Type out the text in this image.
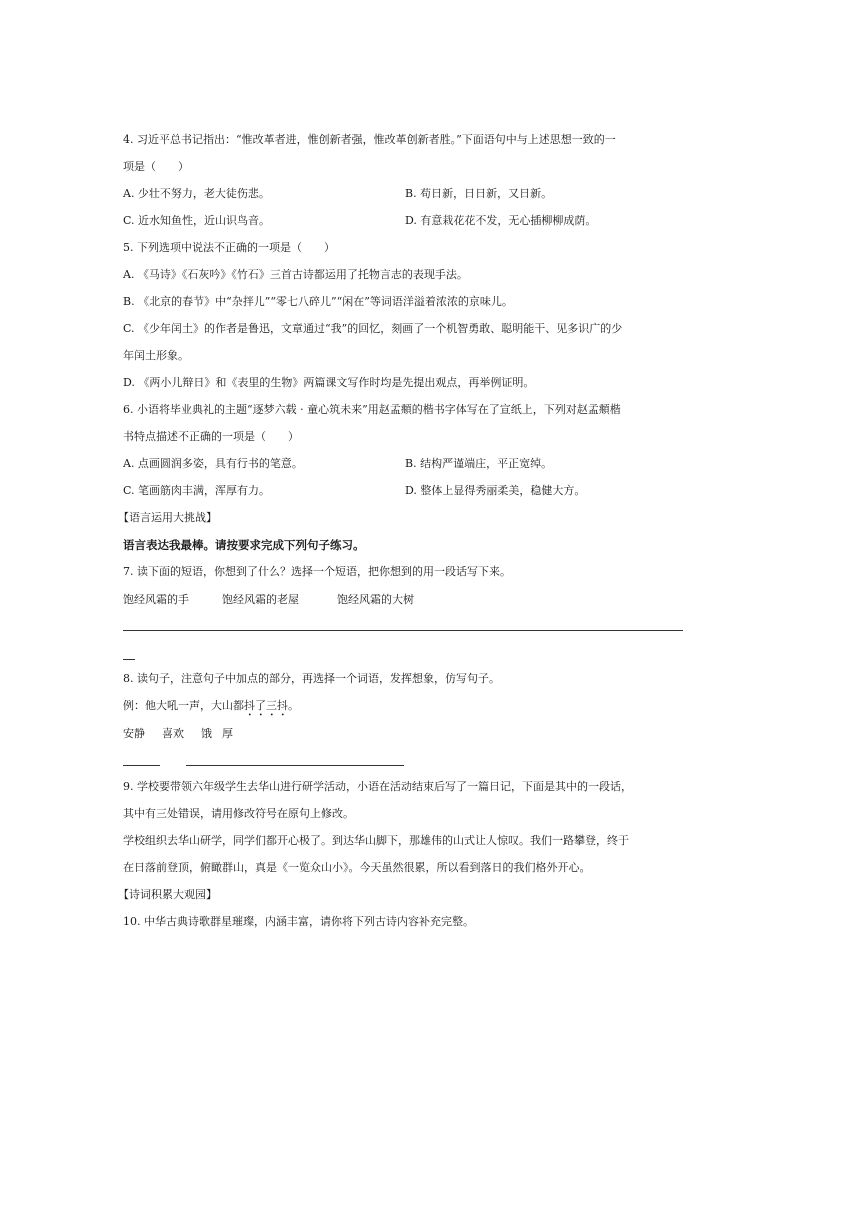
4. 习近平总书记指出：“惟改革者进，惟创新者强，惟改革创新者胜。”下面语句中与上述思想一致的一
项是（　　）
A. 少壮不努力，老大徒伤悲。	B. 苟日新，日日新，又日新。
C. 近水知鱼性，近山识鸟音。	D. 有意栽花花不发，无心插柳柳成荫。
5. 下列选项中说法不正确的一项是（　　）
A. 《马诗》《石灰吟》《竹石》三首古诗都运用了托物言志的表现手法。
B. 《北京的春节》中“杂拌儿”“零七八碎儿”“闲在”等词语洋溢着浓浓的京味儿。
C. 《少年闰土》的作者是鲁迅，文章通过“我”的回忆，刻画了一个机智勇敢、聪明能干、见多识广的少
年闰土形象。
D. 《两小儿辩日》和《表里的生物》两篇课文写作时均是先提出观点，再举例证明。
6. 小语将毕业典礼的主题“逐梦六载 · 童心筑未来”用赵孟頫的楷书字体写在了宣纸上，下列对赵孟頫楷
书特点描述不正确的一项是（　　）
A. 点画圆润多姿，具有行书的笔意。	B. 结构严谨端庄，平正宽绰。
C. 笔画筋肉丰满，浑厚有力。	D. 整体上显得秀丽柔美，稳健大方。
【语言运用大挑战】
语言表达我最棒。请按要求完成下列句子练习。
7. 读下面的短语，你想到了什么？选择一个短语，把你想到的用一段话写下来。
饱经风霜的手	饱经风霜的老屋	饱经风霜的大树
8. 读句子，注意句子中加点的部分，再选择一个词语，发挥想象，仿写句子。
例：他大吼一声，大山都抖了三抖。
安静 喜欢 饿 厚
9. 学校要带领六年级学生去华山进行研学活动，小语在活动结束后写了一篇日记，下面是其中的一段话，
其中有三处错误，请用修改符号在原句上修改。
学校组织去华山研学，同学们都开心极了。到达华山脚下，那雄伟的山式让人惊叹。我们一路攀登，终于
在日落前登顶，俯瞰群山，真是《一览众山小》。今天虽然很累，所以看到落日的我们格外开心。
【诗词积累大观园】
10. 中华古典诗歌群星璀璨，内涵丰富，请你将下列古诗内容补充完整。
